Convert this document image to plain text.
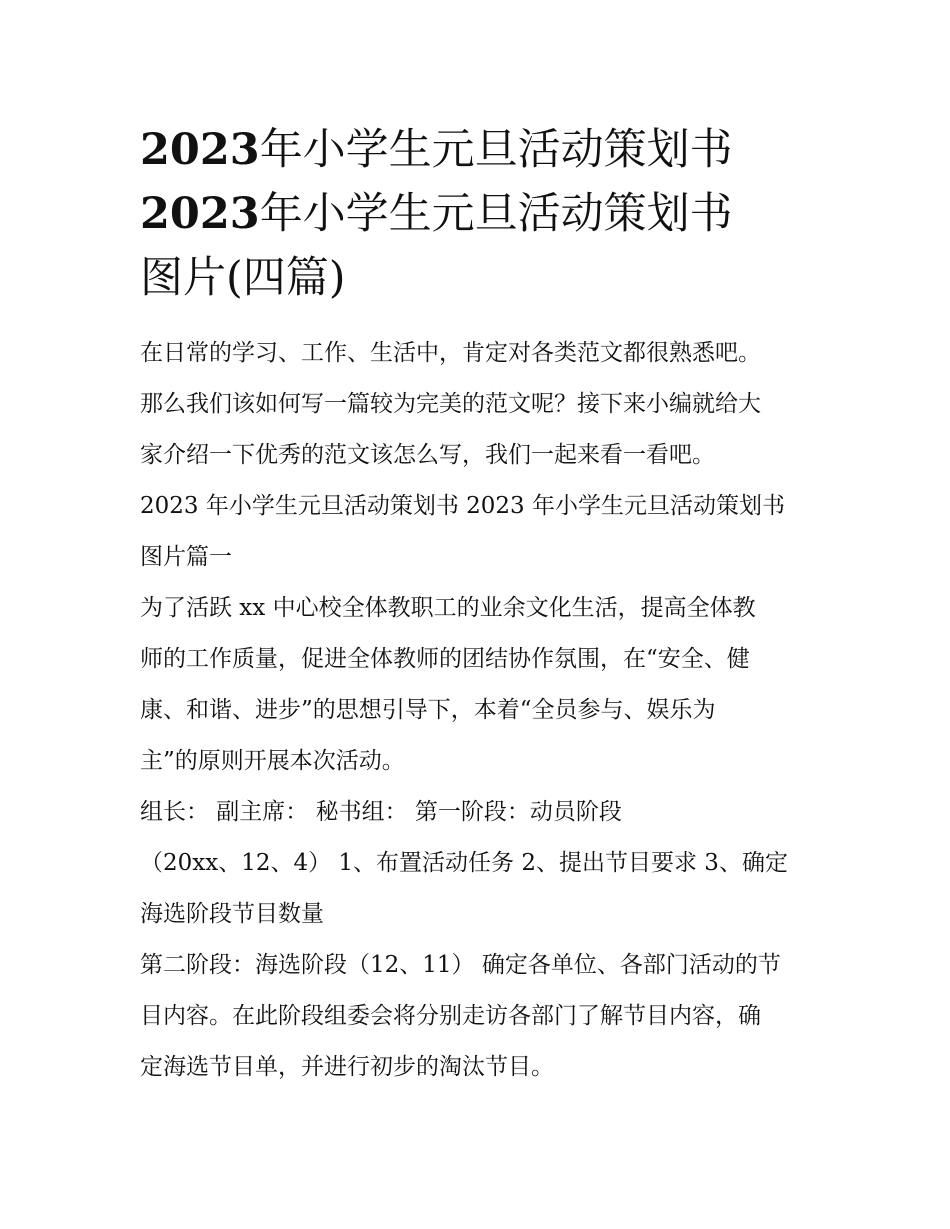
2023年小学生元旦活动策划书
2023年小学生元旦活动策划书
图片(四篇)

在日常的学习、工作、生活中，肯定对各类范文都很熟悉吧。
那么我们该如何写一篇较为完美的范文呢？接下来小编就给大
家介绍一下优秀的范文该怎么写，我们一起来看一看吧。

2023 年小学生元旦活动策划书 2023 年小学生元旦活动策划书
图片篇一

为了活跃 xx 中心校全体教职工的业余文化生活，提高全体教
师的工作质量，促进全体教师的团结协作氛围，在“安全、健
康、和谐、进步”的思想引导下，本着“全员参与、娱乐为
主”的原则开展本次活动。

组长： 副主席： 秘书组： 第一阶段：动员阶段
（20xx、12、4） 1、布置活动任务 2、提出节目要求 3、确定
海选阶段节目数量

第二阶段：海选阶段（12、11） 确定各单位、各部门活动的节
目内容。在此阶段组委会将分别走访各部门了解节目内容，确
定海选节目单，并进行初步的淘汰节目。
